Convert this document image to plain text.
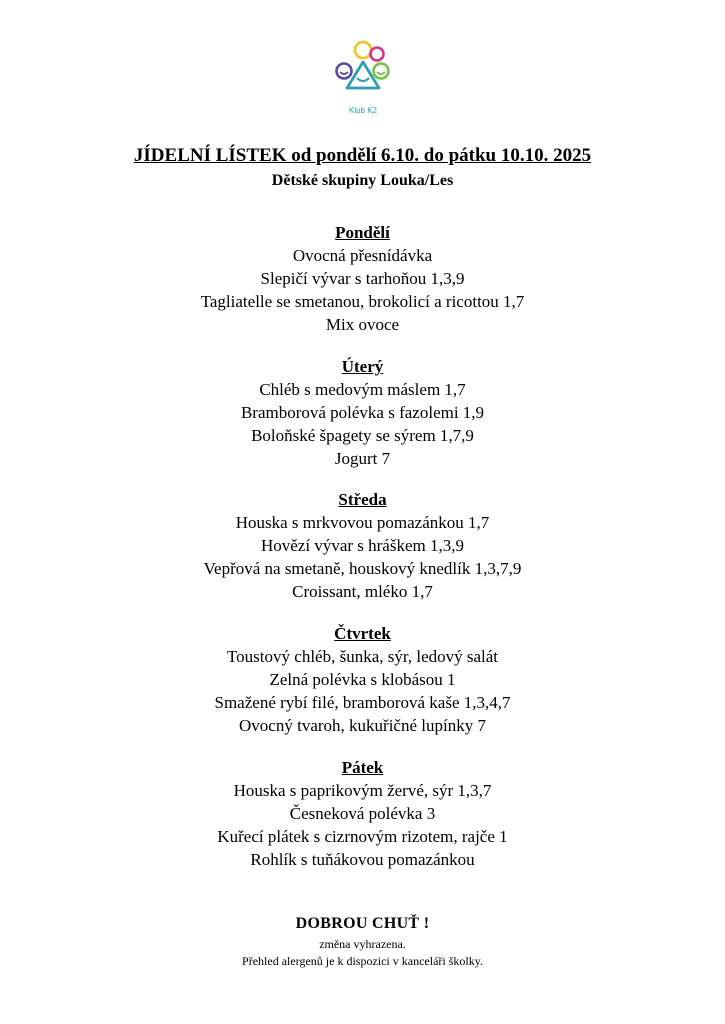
Klub K2
JÍDELNÍ LÍSTEK od pondělí 6.10. do pátku 10.10. 2025
Dětské skupiny Louka/Les
Pondělí
Ovocná přesnídávka
Slepičí vývar s tarhoňou 1,3,9
Tagliatelle se smetanou, brokolicí a ricottou 1,7
Mix ovoce
Úterý
Chléb s medovým máslem 1,7
Bramborová polévka s fazolemi 1,9
Boloňské špagety se sýrem 1,7,9
Jogurt 7
Středa
Houska s mrkvovou pomazánkou 1,7
Hovězí vývar s hráškem 1,3,9
Vepřová na smetaně, houskový knedlík 1,3,7,9
Croissant, mléko 1,7
Čtvrtek
Toustový chléb, šunka, sýr, ledový salát
Zelná polévka s klobásou 1
Smažené rybí filé, bramborová kaše 1,3,4,7
Ovocný tvaroh, kukuřičné lupínky 7
Pátek
Houska s paprikovým žervé, sýr 1,3,7
Česneková polévka 3
Kuřecí plátek s cizrnovým rizotem, rajče 1
Rohlík s tuňákovou pomazánkou
DOBROU CHUŤ !
změna vyhrazena.
Přehled alergenů je k dispozici v kanceláři školky.
